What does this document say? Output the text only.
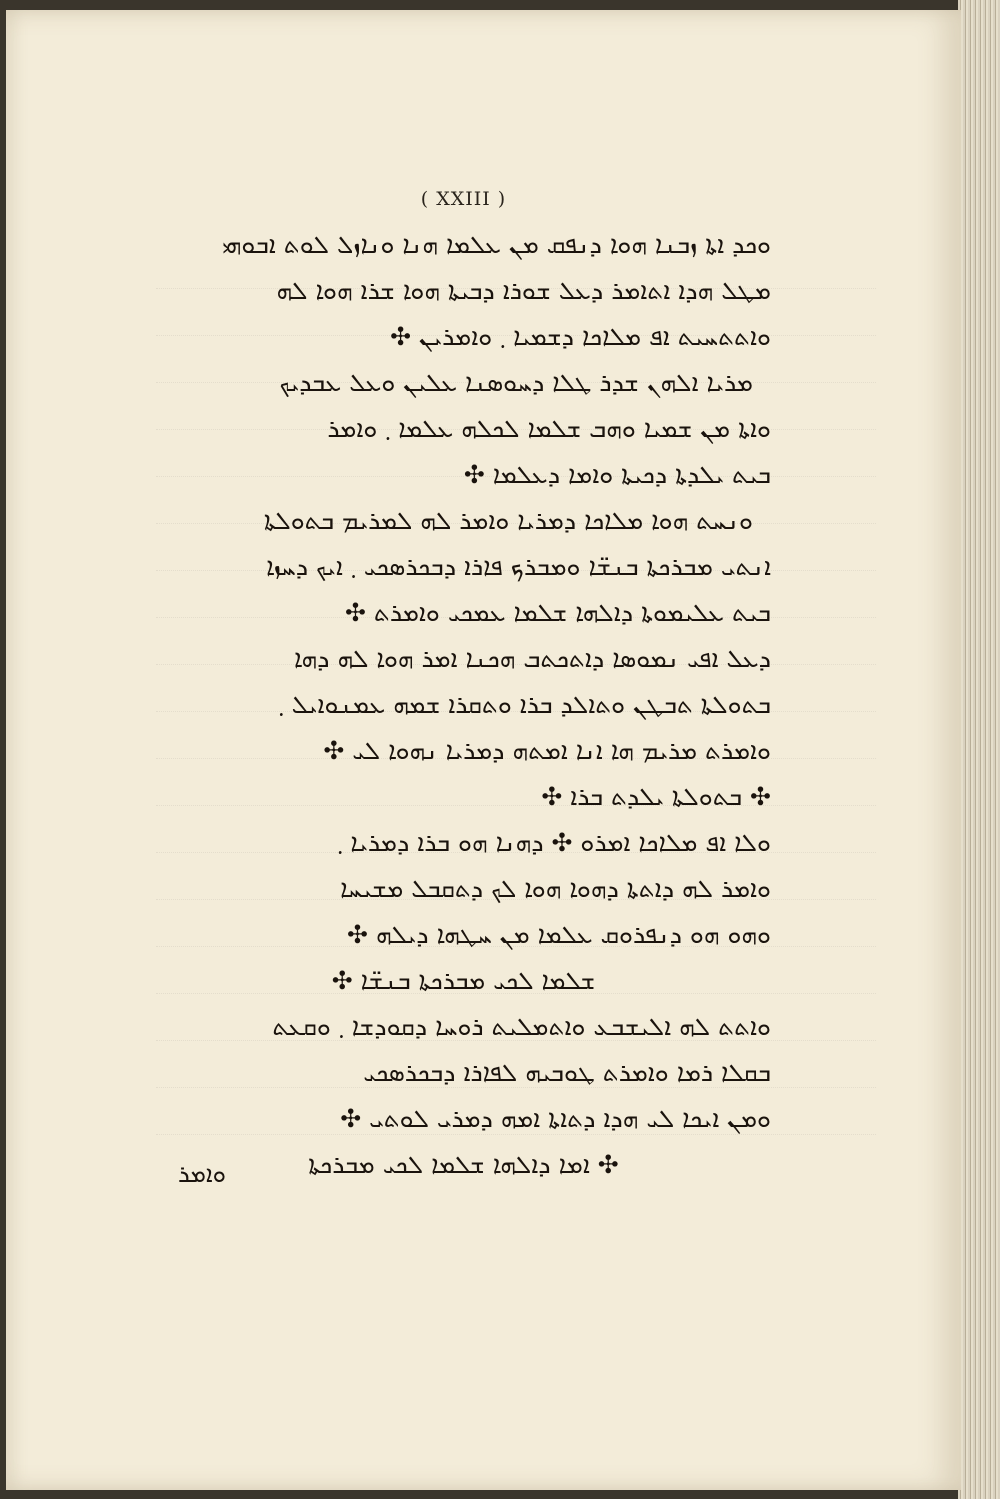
( XXIII )
ܘܟܕ ܐܬܐ ܙܒܢܐ ܗܘܐ ܕܢܦܩ ܡܢ ܥܠܡܐ ܗܢܐ ܘܢܐܙܠ ܠܘܬ ܐܒܘܗܝ
ܡܛܠ ܗܕܐ ܐܬܐܡܪ ܕܥܠ ܫܘܪܐ ܕܒܝܬܐ ܗܘܐ ܫܪܐ ܗܘܐ ܠܗ
ܘܐܬܬܚܝܬ ܐܦ ܡܠܐܟܐ ܕܫܡܝܐ ܂ ܘܐܡܪܝܢ ✣
ܡܪܝܐ ܐܠܗܢ ܫܕܪ ܛܠܐ ܕܚܘܣܢܐ ܥܠܝܢ ܘܥܠ ܥܒܕܝܟ
ܘܐܬܐ ܡܢ ܫܡܝܐ ܘܗܒ ܫܠܡܐ ܠܟܠܗ ܥܠܡܐ ܂ ܘܐܡܪ
ܒܝܬ ܝܠܕܬܐ ܕܟܝܬܐ ܘܐܡܐ ܕܥܠܡܐ ✣
ܘܢܚܬ ܗܘܐ ܡܠܐܟܐ ܕܡܪܝܐ ܘܐܡܪ ܠܗ ܠܡܪܝܡ ܒܬܘܠܬܐ
ܐܢܬܝ ܡܒܪܟܬܐ ܒܢܫ̈ܐ ܘܡܒܪܟ ܦܐܪܐ ܕܒܟܪܣܟܝ ܂ ܐܝܟ ܕܚܙܐ
ܒܝܬ ܥܠܝܡܘܬܐ ܕܐܠܗܐ ܫܠܡܐ ܥܡܟܝ ܘܐܡܪܬ ✣
ܕܥܠ ܐܦܝ ܢܡܘܣܐ ܕܐܬܟܬܒ ܗܟܢܐ ܐܡܪ ܗܘܐ ܠܗ ܕܗܐ
ܒܬܘܠܬܐ ܬܒܛܢ ܘܬܐܠܕ ܒܪܐ ܘܬܩܪܐ ܫܡܗ ܥܡܢܘܐܝܠ ܂
ܘܐܡܪܬ ܡܪܝܡ ܗܐ ܐܢܐ ܐܡܬܗ ܕܡܪܝܐ ܢܗܘܐ ܠܝ ✣
✣ ܒܬܘܠܬܐ ܝܠܕܬ ܒܪܐ ✣
ܘܠܐ ܐܦ ܡܠܐܟܐ ܐܡܪܘ ✣ ܕܗܢܐ ܗܘ ܒܪܐ ܕܡܪܝܐ ܂
ܘܐܡܪ ܠܗ ܕܐܬܬܐ ܕܗܘܐ ܗܘܐ ܠܟ ܕܬܩܒܠ ܡܫܝܚܐ
ܘܗܘ ܗܘ ܕܢܦܪܘܩ ܥܠܡܐ ܡܢ ܚܛܗܐ ܕܝܠܗ ✣
ܫܠܡܐ ܠܟܝ ܡܒܪܟܬܐ ܒܢܫ̈ܐ ✣
ܘܐܬܬ ܠܗ ܐܠܝܫܒܥ ܘܐܬܡܠܝܬ ܪܘܚܐ ܕܩܘܕܫܐ ܂ ܘܩܥܬ
ܒܩܠܐ ܪܡܐ ܘܐܡܪܬ ܛܘܒܝܗ ܠܦܐܪܐ ܕܒܟܪܣܟܝ
ܘܡܢ ܐܝܟܐ ܠܝ ܗܕܐ ܕܬܐܬܐ ܐܡܗ ܕܡܪܝ ܠܘܬܝ ✣
✣ ܐܡܐ ܕܐܠܗܐ ܫܠܡܐ ܠܟܝ ܡܒܪܟܬܐ
ܘܐܡܪ
